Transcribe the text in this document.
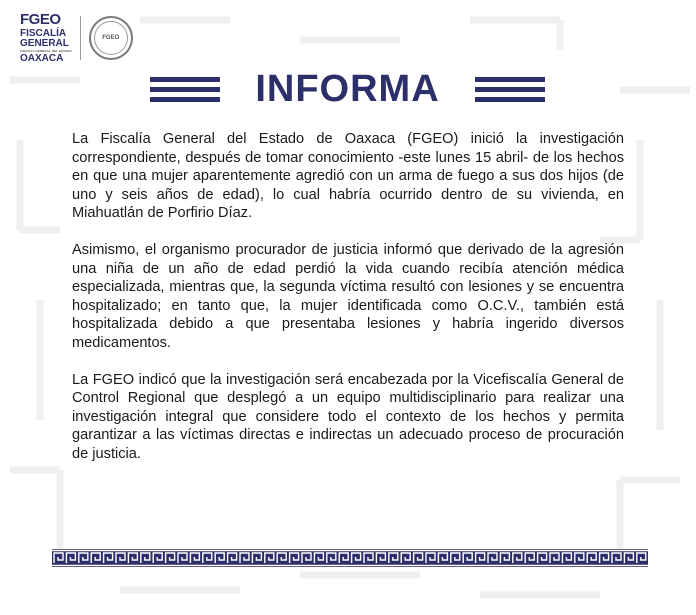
FGEO
FISCALÍA
GENERAL
FISCALÍA GENERAL DEL ESTADO
OAXACA
FGEO
INFORMA

La Fiscalía General del Estado de Oaxaca (FGEO) inició la investigación correspondiente, después de tomar conocimiento -este lunes 15 abril- de los hechos en que una mujer aparentemente agredió con un arma de fuego a sus dos hijos (de uno y seis años de edad), lo cual habría ocurrido dentro de su vivienda, en Miahuatlán de Porfirio Díaz.

Asimismo, el organismo procurador de justicia informó que derivado de la agresión una niña de un año de edad perdió la vida cuando recibía atención médica especializada, mientras que, la segunda víctima resultó con lesiones y se encuentra hospitalizado; en tanto que, la mujer identificada como O.C.V., también está hospitalizada debido a que presentaba lesiones y habría ingerido diversos medicamentos.

La FGEO indicó que la investigación será encabezada por la Vicefiscalía General de Control Regional que desplegó a un equipo multidisciplinario para realizar una investigación integral que considere todo el contexto de los hechos y permita garantizar a las víctimas directas e indirectas un adecuado proceso de procuración de justicia.
